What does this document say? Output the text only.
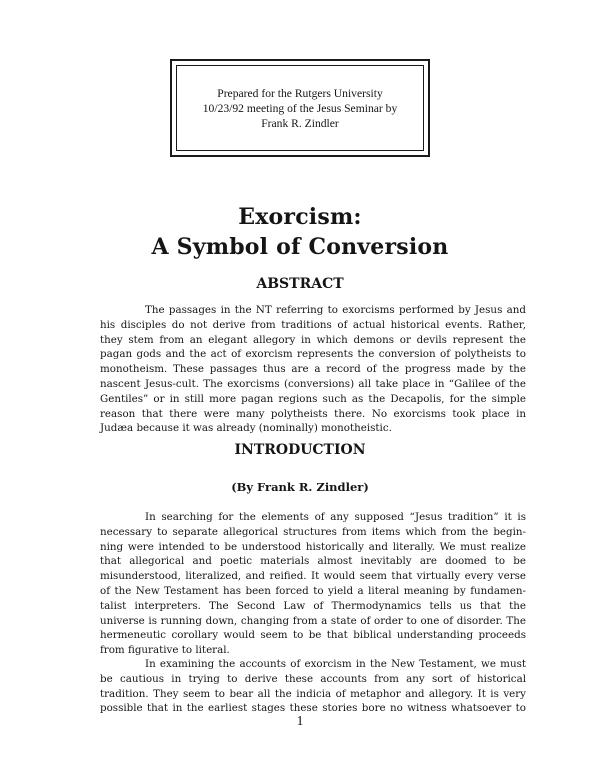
Prepared for the Rutgers University
10/23/92 meeting of the Jesus Seminar by
Frank R. Zindler
Exorcism:
A Symbol of Conversion
ABSTRACT
The passages in the NT referring to exorcisms performed by Jesus and
his disciples do not derive from traditions of actual historical events. Rather,
they stem from an elegant allegory in which demons or devils represent the
pagan gods and the act of exorcism represents the conversion of polytheists to
monotheism. These passages thus are a record of the progress made by the
nascent Jesus-cult. The exorcisms (conversions) all take place in “Galilee of the
Gentiles” or in still more pagan regions such as the Decapolis, for the simple
reason that there were many polytheists there. No exorcisms took place in
Judæa because it was already (nominally) monotheistic.
INTRODUCTION
(By Frank R. Zindler)
In searching for the elements of any supposed “Jesus tradition” it is
necessary to separate allegorical structures from items which from the begin-
ning were intended to be understood historically and literally. We must realize
that allegorical and poetic materials almost inevitably are doomed to be
misunderstood, literalized, and reified. It would seem that virtually every verse
of the New Testament has been forced to yield a literal meaning by fundamen-
talist interpreters. The Second Law of Thermodynamics tells us that the
universe is running down, changing from a state of order to one of disorder. The
hermeneutic corollary would seem to be that biblical understanding proceeds
from figurative to literal.
In examining the accounts of exorcism in the New Testament, we must
be cautious in trying to derive these accounts from any sort of historical
tradition. They seem to bear all the indicia of metaphor and allegory. It is very
possible that in the earliest stages these stories bore no witness whatsoever to
1
